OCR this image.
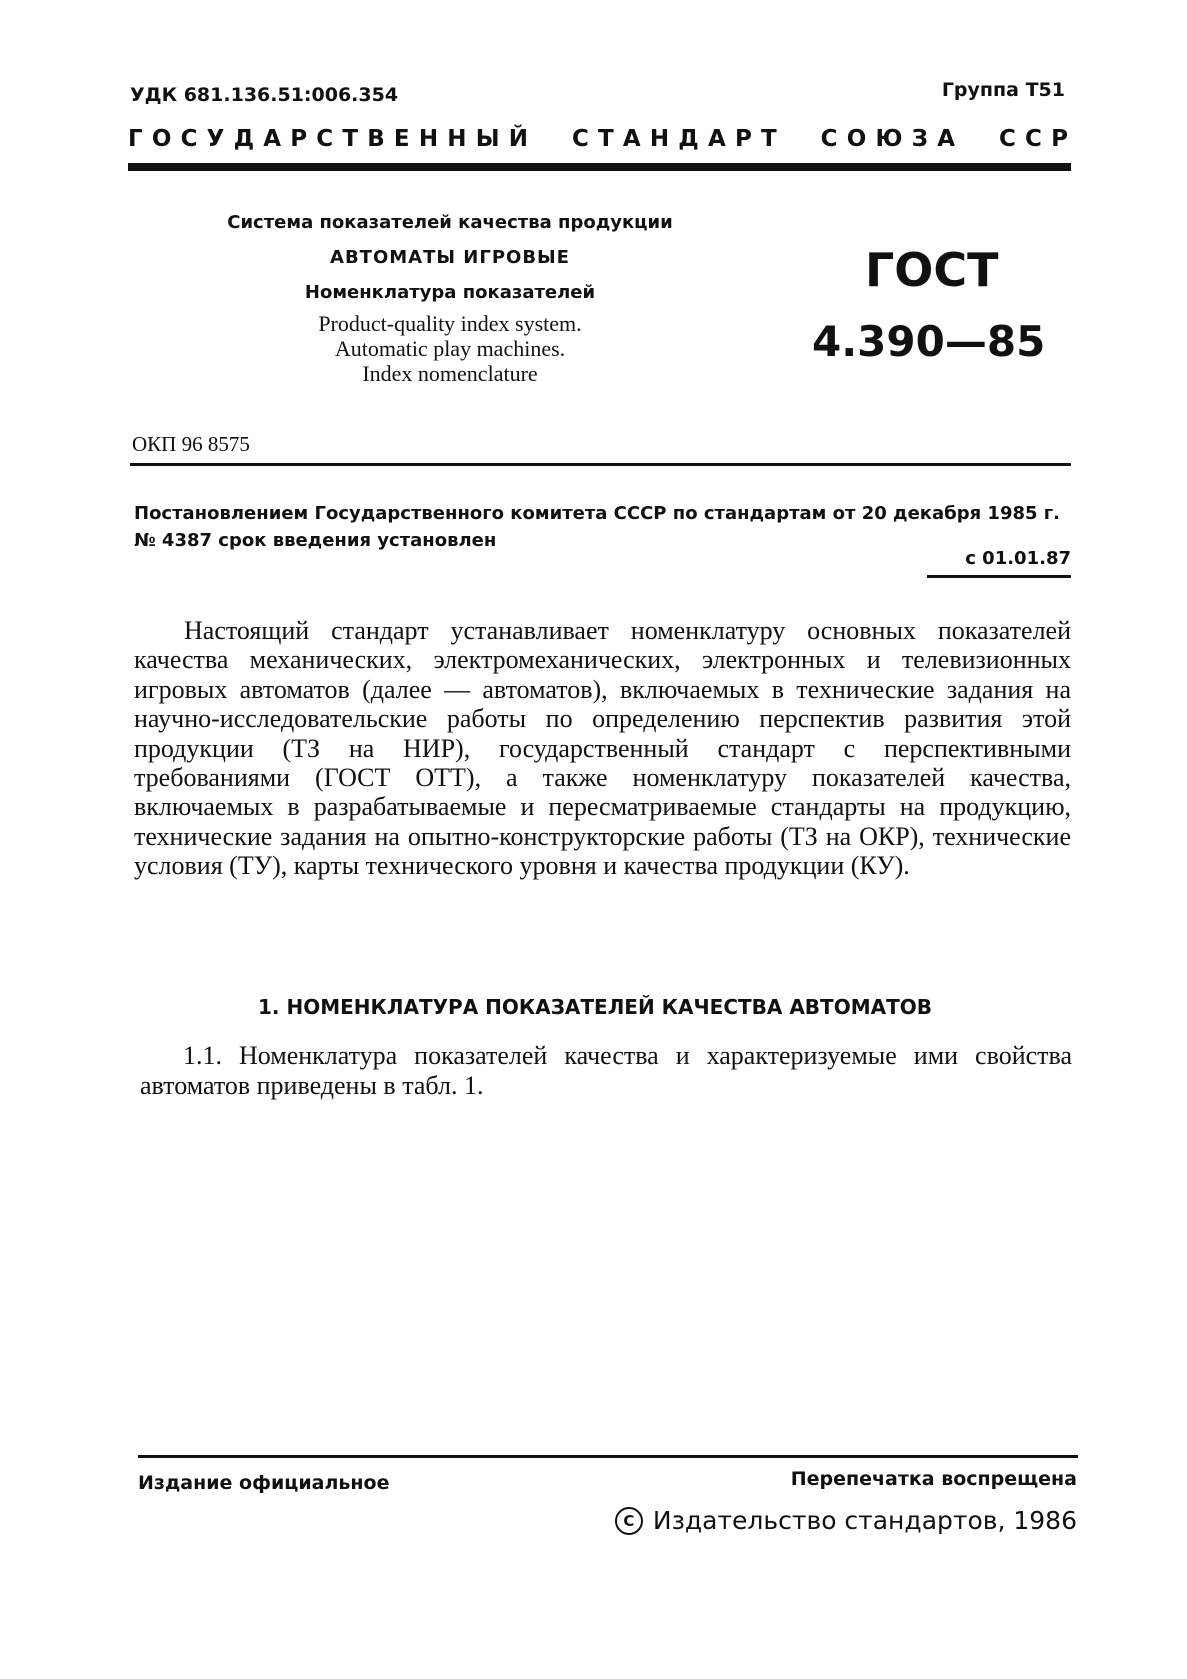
УДК 681.136.51:006.354	Группа Т51
Г  О  С  У  Д  А  Р  С  Т  В  Е  Н  Н  Ы  Й С  Т  А  Н  Д  А  Р  Т С  О  Ю  З  А С  С  Р

Система показателей качества продукции

АВТОМАТЫ ИГРОВЫЕ

Номенклатура показателей

Product-quality index system.
Automatic play machines.
Index nomenclature
ГОСТ
4.390—85
ОКП 96 8575
Постановлением Государственного комитета СССР по стандартам от 20 декабря 1985 г. № 4387 срок введения установлен
с 01.01.87

Настоящий стандарт устанавливает номенклатуру основных показателей качества механических, электромеханических, электронных и телевизионных игровых автоматов (далее — автоматов), включаемых в технические задания на научно-исследовательские работы по определению перспектив развития этой продукции (ТЗ на НИР), государственный стандарт с перспективными требованиями (ГОСТ ОТТ), а также номенклатуру показателей качества, включаемых в разрабатываемые и пересматриваемые стандарты на продукцию, технические задания на опытно-конструкторские работы (ТЗ на ОКР), технические условия (ТУ), карты технического уровня и качества продукции (КУ).

1. НОМЕНКЛАТУРА ПОКАЗАТЕЛЕЙ КАЧЕСТВА АВТОМАТОВ

1.1. Номенклатура показателей качества и характеризуемые ими свойства автоматов приведены в табл. 1.

Издание официальное	Перепечатка воспрещена
C Издательство стандартов, 1986
